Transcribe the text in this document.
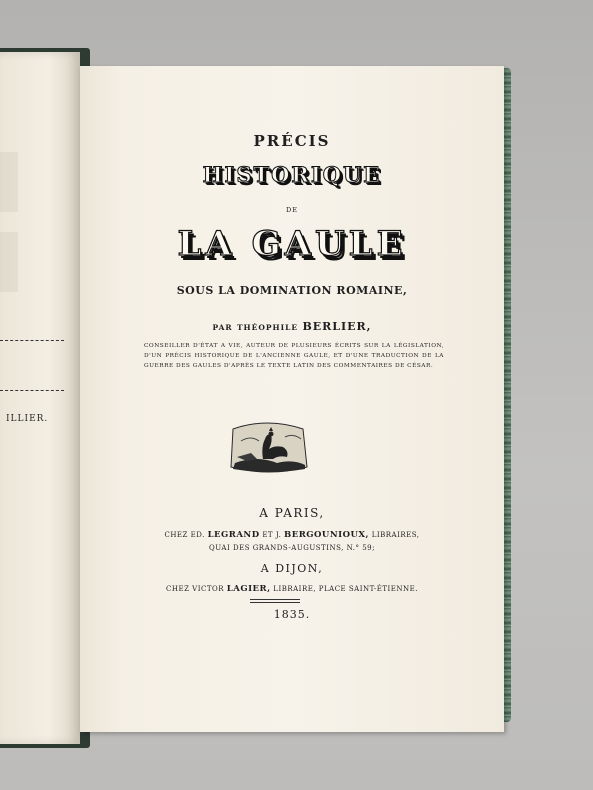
ILLIER.

PRÉCIS

HISTORIQUE

DE

LA GAULE

SOUS LA DOMINATION ROMAINE,

PAR THÉOPHILE BERLIER,

CONSEILLER D'ÉTAT A VIE, AUTEUR DE PLUSIEURS ÉCRITS SUR LA LÉGISLATION, D'UN PRÉCIS HISTORIQUE DE L'ANCIENNE GAULE, ET D'UNE TRADUCTION DE LA GUERRE DES GAULES D'APRÈS LE TEXTE LATIN DES COMMENTAIRES DE CÉSAR.

A PARIS,

CHEZ ED. LEGRAND ET J. BERGOUNIOUX, LIBRAIRES,

QUAI DES GRANDS-AUGUSTINS, N.° 59;

A DIJON,

CHEZ VICTOR LAGIER, LIBRAIRE, PLACE SAINT-ÉTIENNE.

1835.
